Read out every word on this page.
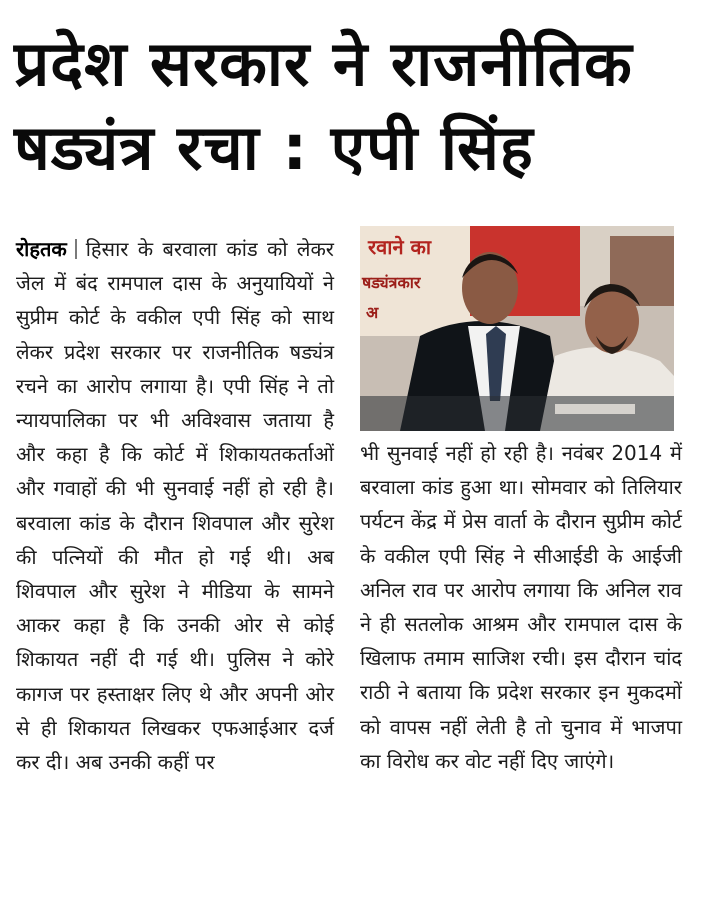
प्रदेश सरकार ने राजनीतिक
षड्यंत्र रचा : एपी सिंह

रोहतक हिसार के बरवाला कांड को लेकर जेल में बंद रामपाल दास के अनुयायियों ने सुप्रीम कोर्ट के वकील एपी सिंह को साथ लेकर प्रदेश सरकार पर राजनीतिक षड्यंत्र रचने का आरोप लगाया है। एपी सिंह ने तो न्यायपालिका पर भी अविश्वास जताया है और कहा है कि कोर्ट में शिकायतकर्ताओं और गवाहों की भी सुनवाई नहीं हो रही है। बरवाला कांड के दौरान शिवपाल और सुरेश की पत्नियों की मौत हो गई थी। अब शिवपाल और सुरेश ने मीडिया के सामने आकर कहा है कि उनकी ओर से कोई शिकायत नहीं दी गई थी। पुलिस ने कोरे कागज पर हस्ताक्षर लिए थे और अपनी ओर से ही शिकायत लिखकर एफआईआर दर्ज कर दी। अब उनकी कहीं पर

रवाने का
षड्यंत्रकार
अ

भी सुनवाई नहीं हो रही है। नवंबर 2014 में बरवाला कांड हुआ था। सोमवार को तिलियार पर्यटन केंद्र में प्रेस वार्ता के दौरान सुप्रीम कोर्ट के वकील एपी सिंह ने सीआईडी के आईजी अनिल राव पर आरोप लगाया कि अनिल राव ने ही सतलोक आश्रम और रामपाल दास के खिलाफ तमाम साजिश रची। इस दौरान चांद राठी ने बताया कि प्रदेश सरकार इन मुकदमों को वापस नहीं लेती है तो चुनाव में भाजपा का विरोध कर वोट नहीं दिए जाएंगे।
